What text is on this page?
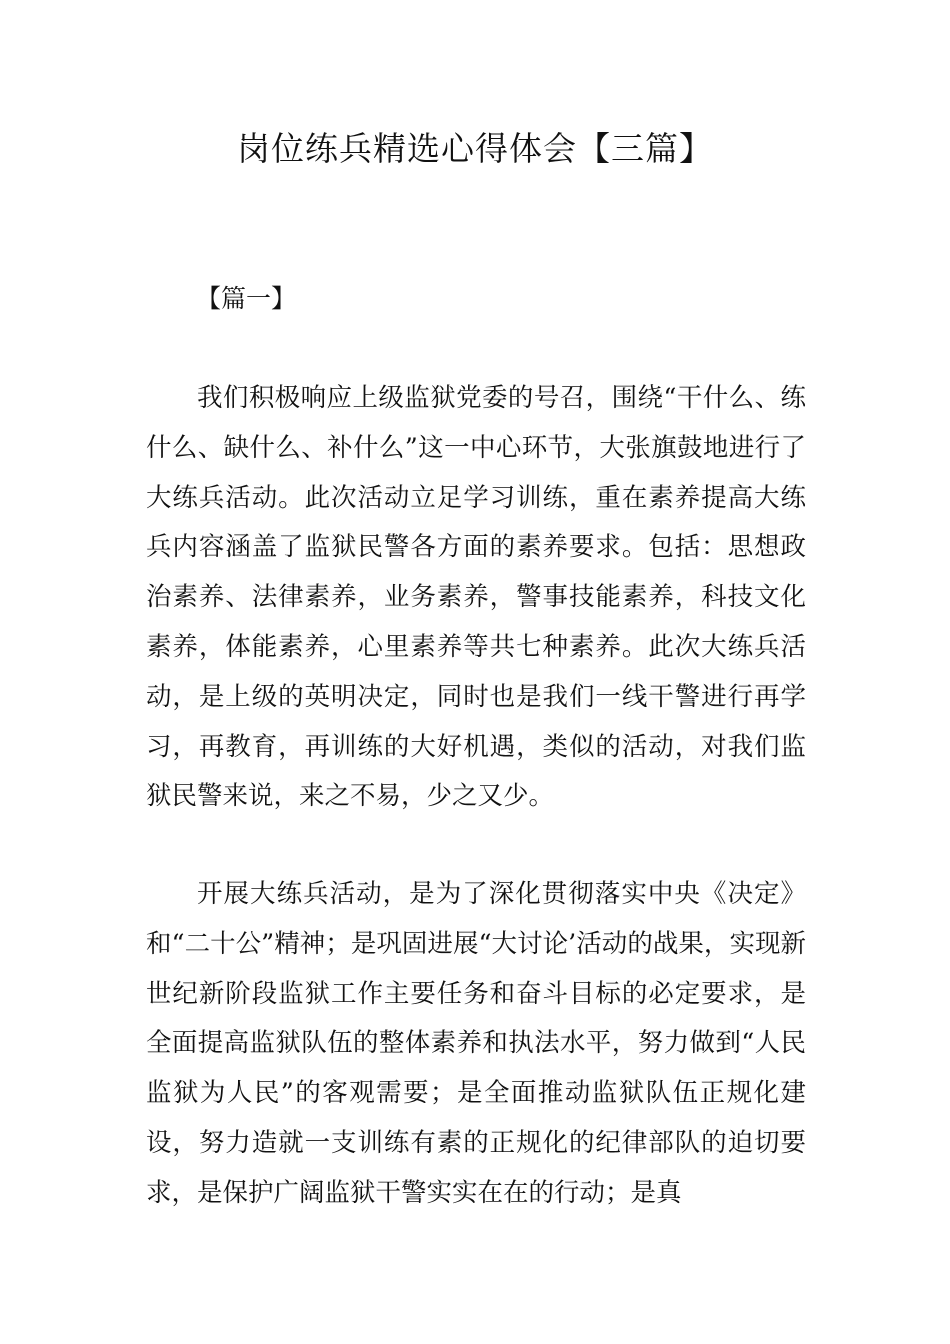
岗位练兵精选心得体会【三篇】
【篇一】

我们积极响应上级监狱党委的号召，围绕“干什么、练什么、缺什么、补什么”这一中心环节，大张旗鼓地进行了大练兵活动。此次活动立足学习训练，重在素养提高大练兵内容涵盖了监狱民警各方面的素养要求。包括：思想政治素养、法律素养，业务素养，警事技能素养，科技文化素养，体能素养，心里素养等共七种素养。此次大练兵活动，是上级的英明决定，同时也是我们一线干警进行再学习，再教育，再训练的大好机遇，类似的活动，对我们监狱民警来说，来之不易，少之又少。

开展大练兵活动，是为了深化贯彻落实中央《决定》和“二十公”精神；是巩固进展“大讨论’活动的战果，实现新世纪新阶段监狱工作主要任务和奋斗目标的必定要求，是全面提高监狱队伍的整体素养和执法水平，努力做到“人民监狱为人民”的客观需要；是全面推动监狱队伍正规化建设，努力造就一支训练有素的正规化的纪律部队的迫切要求，是保护广阔监狱干警实实在在的行动；是真
